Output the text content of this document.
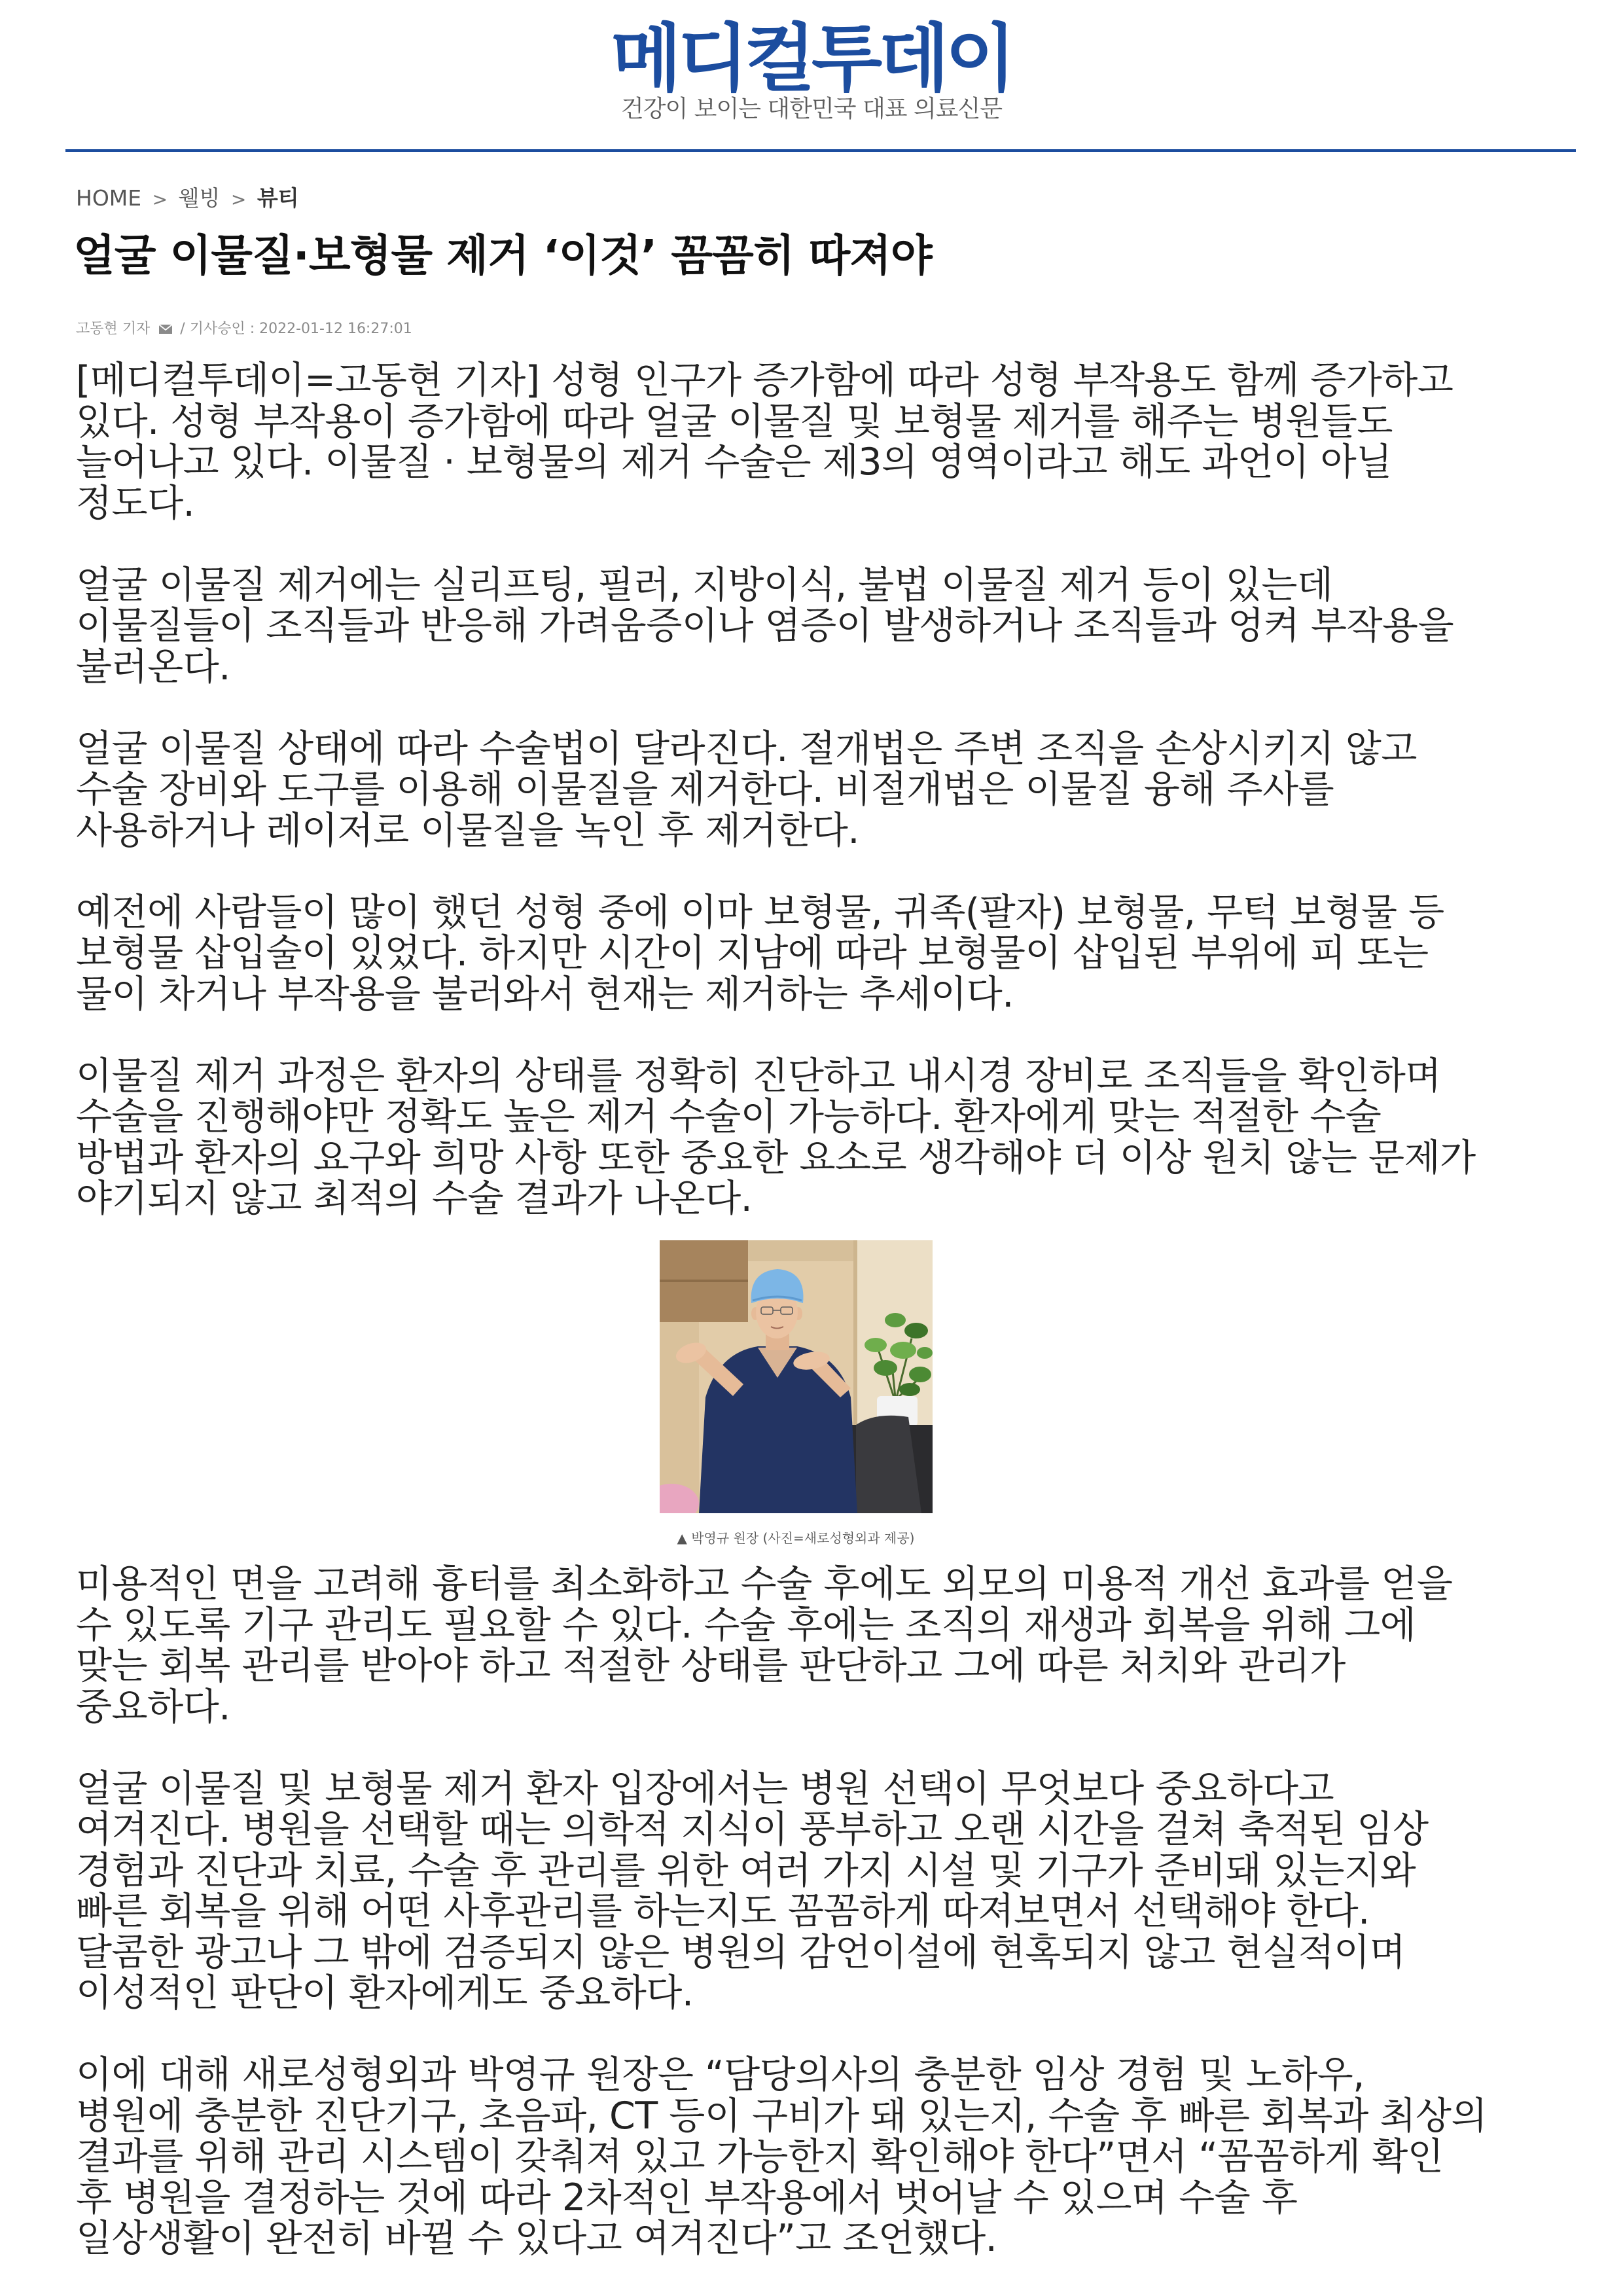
메디컬투데이
건강이 보이는 대한민국 대표 의료신문
HOME > 웰빙 > 뷰티
얼굴 이물질·보형물 제거 ‘이것’ 꼼꼼히 따져야
고동현 기자 / 기사승인 : 2022-01-12 16:27:01
[메디컬투데이=고동현 기자] 성형 인구가 증가함에 따라 성형 부작용도 함께 증가하고
있다. 성형 부작용이 증가함에 따라 얼굴 이물질 및 보형물 제거를 해주는 병원들도
늘어나고 있다. 이물질 · 보형물의 제거 수술은 제3의 영역이라고 해도 과언이 아닐
정도다.
얼굴 이물질 제거에는 실리프팅, 필러, 지방이식, 불법 이물질 제거 등이 있는데
이물질들이 조직들과 반응해 가려움증이나 염증이 발생하거나 조직들과 엉켜 부작용을
불러온다.
얼굴 이물질 상태에 따라 수술법이 달라진다. 절개법은 주변 조직을 손상시키지 않고
수술 장비와 도구를 이용해 이물질을 제거한다. 비절개법은 이물질 융해 주사를
사용하거나 레이저로 이물질을 녹인 후 제거한다.
예전에 사람들이 많이 했던 성형 중에 이마 보형물, 귀족(팔자) 보형물, 무턱 보형물 등
보형물 삽입술이 있었다. 하지만 시간이 지남에 따라 보형물이 삽입된 부위에 피 또는
물이 차거나 부작용을 불러와서 현재는 제거하는 추세이다.
이물질 제거 과정은 환자의 상태를 정확히 진단하고 내시경 장비로 조직들을 확인하며
수술을 진행해야만 정확도 높은 제거 수술이 가능하다. 환자에게 맞는 적절한 수술
방법과 환자의 요구와 희망 사항 또한 중요한 요소로 생각해야 더 이상 원치 않는 문제가
야기되지 않고 최적의 수술 결과가 나온다.
▲ 박영규 원장 (사진=새로성형외과 제공)
미용적인 면을 고려해 흉터를 최소화하고 수술 후에도 외모의 미용적 개선 효과를 얻을
수 있도록 기구 관리도 필요할 수 있다. 수술 후에는 조직의 재생과 회복을 위해 그에
맞는 회복 관리를 받아야 하고 적절한 상태를 판단하고 그에 따른 처치와 관리가
중요하다.
얼굴 이물질 및 보형물 제거 환자 입장에서는 병원 선택이 무엇보다 중요하다고
여겨진다. 병원을 선택할 때는 의학적 지식이 풍부하고 오랜 시간을 걸쳐 축적된 임상
경험과 진단과 치료, 수술 후 관리를 위한 여러 가지 시설 및 기구가 준비돼 있는지와
빠른 회복을 위해 어떤 사후관리를 하는지도 꼼꼼하게 따져보면서 선택해야 한다.
달콤한 광고나 그 밖에 검증되지 않은 병원의 감언이설에 현혹되지 않고 현실적이며
이성적인 판단이 환자에게도 중요하다.
이에 대해 새로성형외과 박영규 원장은 “담당의사의 충분한 임상 경험 및 노하우,
병원에 충분한 진단기구, 초음파, CT 등이 구비가 돼 있는지, 수술 후 빠른 회복과 최상의
결과를 위해 관리 시스템이 갖춰져 있고 가능한지 확인해야 한다”면서 “꼼꼼하게 확인
후 병원을 결정하는 것에 따라 2차적인 부작용에서 벗어날 수 있으며 수술 후
일상생활이 완전히 바뀔 수 있다고 여겨진다”고 조언했다.
